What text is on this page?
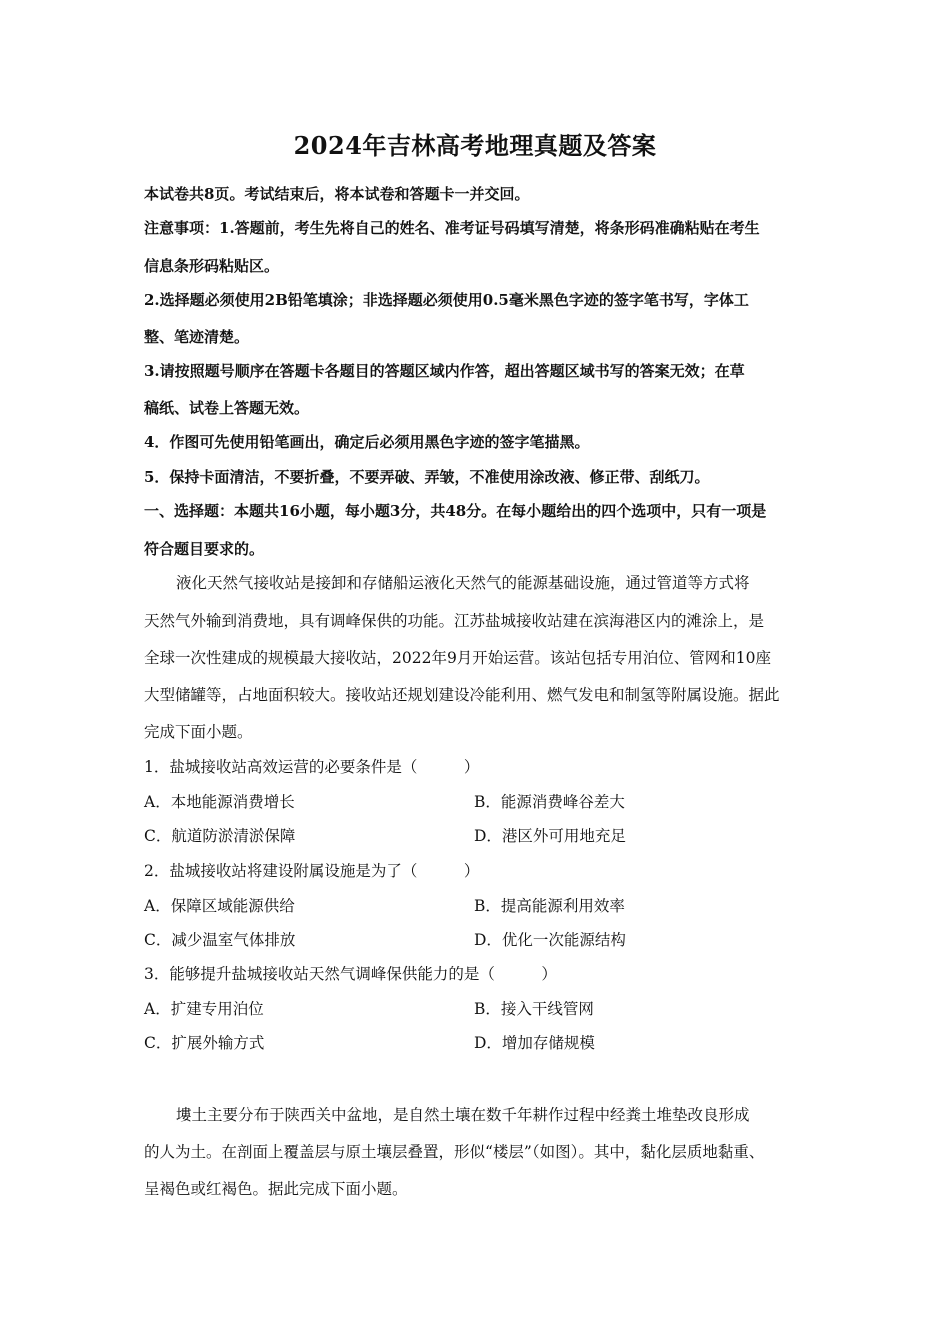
2024年吉林高考地理真题及答案
本试卷共8页。考试结束后，将本试卷和答题卡一并交回。
注意事项：1.答题前，考生先将自己的姓名、准考证号码填写清楚，将条形码准确粘贴在考生
信息条形码粘贴区。
2.选择题必须使用2B铅笔填涂；非选择题必须使用0.5毫米黑色字迹的签字笔书写，字体工
整、笔迹清楚。
3.请按照题号顺序在答题卡各题目的答题区域内作答，超出答题区域书写的答案无效；在草
稿纸、试卷上答题无效。
4．作图可先使用铅笔画出，确定后必须用黑色字迹的签字笔描黑。
5．保持卡面清洁，不要折叠，不要弄破、弄皱，不准使用涂改液、修正带、刮纸刀。
一、选择题：本题共16小题，每小题3分，共48分。在每小题给出的四个选项中，只有一项是
符合题目要求的。
液化天然气接收站是接卸和存储船运液化天然气的能源基础设施，通过管道等方式将
天然气外输到消费地，具有调峰保供的功能。江苏盐城接收站建在滨海港区内的滩涂上，是
全球一次性建成的规模最大接收站，2022年9月开始运营。该站包括专用泊位、管网和10座
大型储罐等，占地面积较大。接收站还规划建设冷能利用、燃气发电和制氢等附属设施。据此
完成下面小题。
1．盐城接收站高效运营的必要条件是（　　　）
A．本地能源消费增长	B．能源消费峰谷差大
C．航道防淤清淤保障	D．港区外可用地充足
2．盐城接收站将建设附属设施是为了（　　　）
A．保障区域能源供给	B．提高能源利用效率
C．减少温室气体排放	D．优化一次能源结构
3．能够提升盐城接收站天然气调峰保供能力的是（　　　）
A．扩建专用泊位	B．接入干线管网
C．扩展外输方式	D．增加存储规模
塿土主要分布于陕西关中盆地，是自然土壤在数千年耕作过程中经粪土堆垫改良形成
的人为土。在剖面上覆盖层与原土壤层叠置，形似“楼层”（如图）。其中，黏化层质地黏重、
呈褐色或红褐色。据此完成下面小题。
